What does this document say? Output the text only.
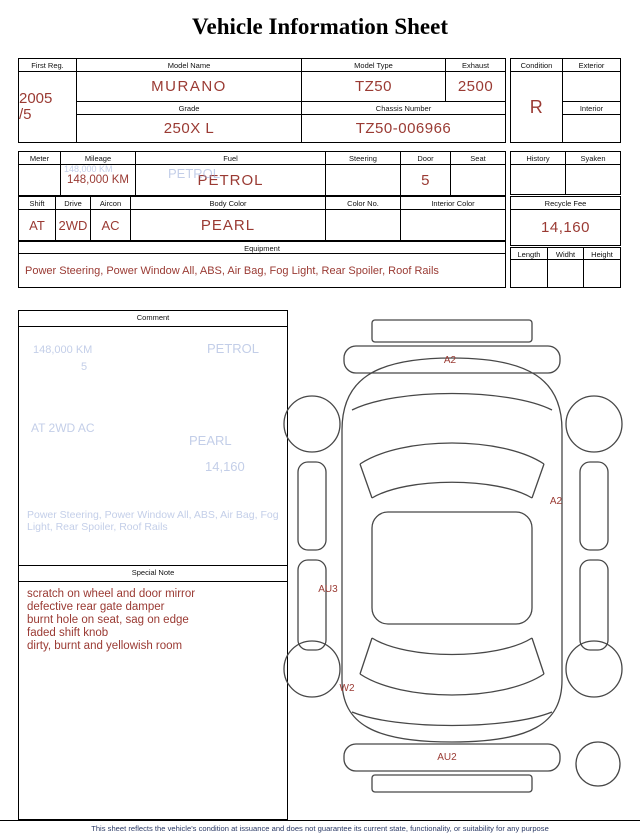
Vehicle Information Sheet
First Reg.	Model Name	Model Type	Exhaust

2005
/5	MURANO	TZ50	2500
	Grade	Chassis Number	
	250X L	TZ50-006966	
Condition	Exterior
R	
	Interior

Meter	Mileage	Fuel	Steering	Door	Seat
	148,000 KM	PETROL		5	
Shift	Drive	Aircon	Body Color	Color No.	Interior Color
AT	2WD	AC	PEARL		
Equipment
Power Steering, Power Window All, ABS, Air Bag, Fog Light, Rear Spoiler, Roof Rails
History	Syaken

Recycle Fee
14,160
Length	Widht	Height

148,000 KM	PETROL
Comment
148,000 KM	PETROL
5
AT 2WD AC
PEARL
14,160
Power Steering, Power Window All, ABS, Air Bag, Fog Light, Rear Spoiler, Roof Rails
Special Note
scratch on wheel and door mirror
defective rear gate damper
burnt hole on seat, sag on edge
faded shift knob
dirty, burnt and yellowish room
A2
A2
AU3
W2
AU2
This sheet reflects the vehicle's condition at issuance and does not guarantee its current state, functionality, or suitability for any purpose
